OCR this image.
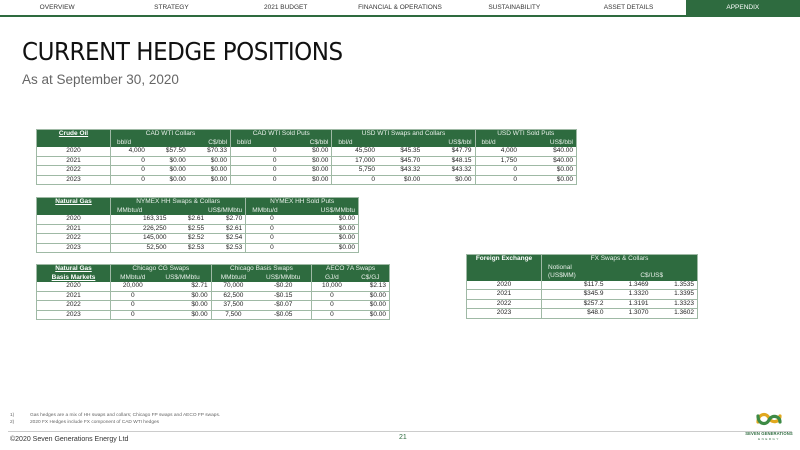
OVERVIEW	STRATEGY	2021 BUDGET	FINANCIAL & OPERATIONS	SUSTAINABILITY	ASSET DETAILS	APPENDIX
CURRENT HEDGE POSITIONS
As at September 30, 2020
Crude Oil	CAD WTI Collars			CAD WTI Sold Puts		USD WTI Swaps and Collars			USD WTI Sold Puts	
	bbl/d		C$/bbl	bbl/d	C$/bbl	bbl/d		US$/bbl	bbl/d	US$/bbl
2020	4,000	$57.50	$70.33	0	$0.00	45,500	$45.35	$47.79	4,000	$40.00
2021	0	$0.00	$0.00	0	$0.00	17,000	$45.70	$48.15	1,750	$40.00
2022	0	$0.00	$0.00	0	$0.00	5,750	$43.32	$43.32	0	$0.00
2023	0	$0.00	$0.00	0	$0.00	0	$0.00	$0.00	0	$0.00
Natural Gas	NYMEX HH Swaps & Collars			NYMEX HH Sold Puts	
	MMbtu/d	US$/MMbtu		MMbtu/d	US$/MMbtu
2020	163,315	$2.61	$2.70	0	$0.00
2021	226,250	$2.55	$2.61	0	$0.00
2022	145,000	$2.52	$2.54	0	$0.00
2023	52,500	$2.53	$2.53	0	$0.00
Natural Gas	Chicago CG Swaps		Chicago Basis Swaps		AECO 7A Swaps	
Basis Markets	MMbtu/d	US$/MMbtu	MMbtu/d	US$/MMbtu	GJ/d	C$/GJ
2020	20,000	$2.71	70,000	-$0.20	10,000	$2.13
2021	0	$0.00	62,500	-$0.15	0	$0.00
2022	0	$0.00	37,500	-$0.07	0	$0.00
2023	0	$0.00	7,500	-$0.05	0	$0.00
Foreign Exchange	FX Swaps & Collars		
	Notional		
	(US$MM)	C$/US$	
2020	$117.5	1.3469	1.3535
2021	$345.9	1.3320	1.3395
2022	$257.2	1.3191	1.3323
2023	$48.0	1.3070	1.3602
1)	Gas hedges are a mix of HH swaps and collars; Chicago FP swaps and AECO FP swaps.
2)	2020 FX Hedges include FX component of CAD WTI hedges
©2020 Seven Generations Energy Ltd	21
SEVEN GENERATIONS
ENERGY
